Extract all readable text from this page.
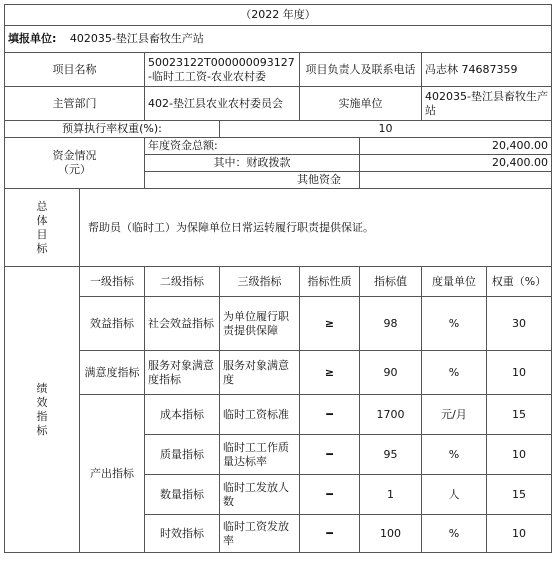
（2022 年度）							
填报单位: 402035-垫江县畜牧生产站							
项目名称		50023122T000000093127-临时工工资-农业农村委		项目负责人及联系电话		冯志林 74687359	
主管部门		402-垫江县农业农村委员会		实施单位		402035-垫江县畜牧生产站	
预算执行率权重(%):			10				
资金情况
（元）		年度资金总额:			20,400.00		
		其中：财政拨款			20,400.00		
		其他资金					

总
体
目
标	帮助员（临时工）为保障单位日常运转履行职责提供保证。						

绩
效
指
标	一级指标	二级指标	三级指标	指标性质	指标值	度量单位	权重（%）
	效益指标	社会效益指标	为单位履行职责提供保障	≥	98	%	30
	满意度指标	服务对象满意度指标	服务对象满意度	≥	90	%	10
	产出指标	成本指标	临时工资标准	━	1700	元/月	15
		质量指标	临时工工作质量达标率	━	95	%	10
		数量指标	临时工发放人数	━	1	人	15
		时效指标	临时工资发放率	━	100	%	10
